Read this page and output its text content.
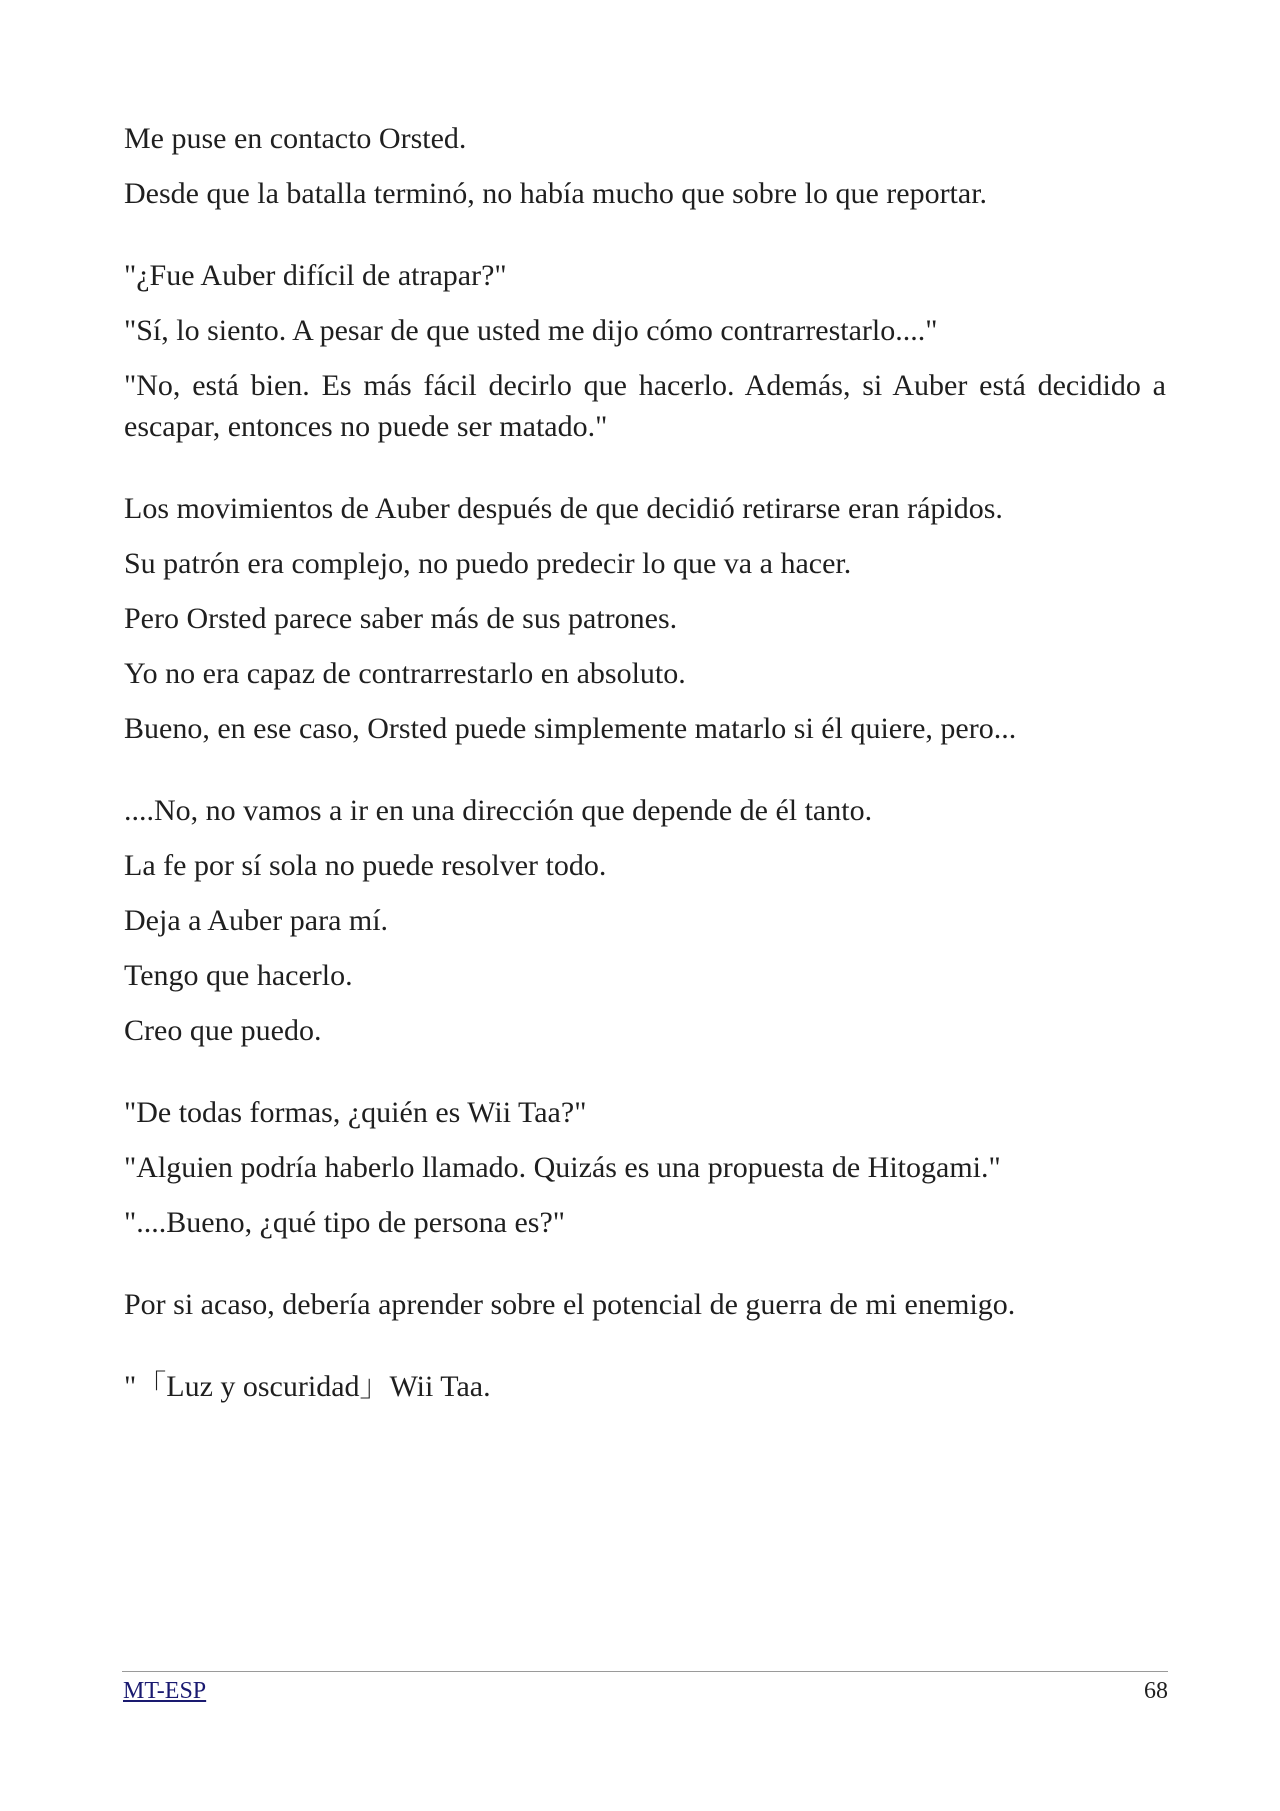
Me puse en contacto Orsted.

Desde que la batalla terminó, no había mucho que sobre lo que reportar.

"¿Fue Auber difícil de atrapar?"

"Sí, lo siento. A pesar de que usted me dijo cómo contrarrestarlo...."

"No, está bien. Es más fácil decirlo que hacerlo. Además, si Auber está decidido a escapar, entonces no puede ser matado."

Los movimientos de Auber después de que decidió retirarse eran rápidos.

Su patrón era complejo, no puedo predecir lo que va a hacer.

Pero Orsted parece saber más de sus patrones.

Yo no era capaz de contrarrestarlo en absoluto.

Bueno, en ese caso, Orsted puede simplemente matarlo si él quiere, pero...

....No, no vamos a ir en una dirección que depende de él tanto.

La fe por sí sola no puede resolver todo.

Deja a Auber para mí.

Tengo que hacerlo.

Creo que puedo.

"De todas formas, ¿quién es Wii Taa?"

"Alguien podría haberlo llamado. Quizás es una propuesta de Hitogami."

"....Bueno, ¿qué tipo de persona es?"

Por si acaso, debería aprender sobre el potencial de guerra de mi enemigo.

"「Luz y oscuridad」Wii Taa.

MT-ESP	68
